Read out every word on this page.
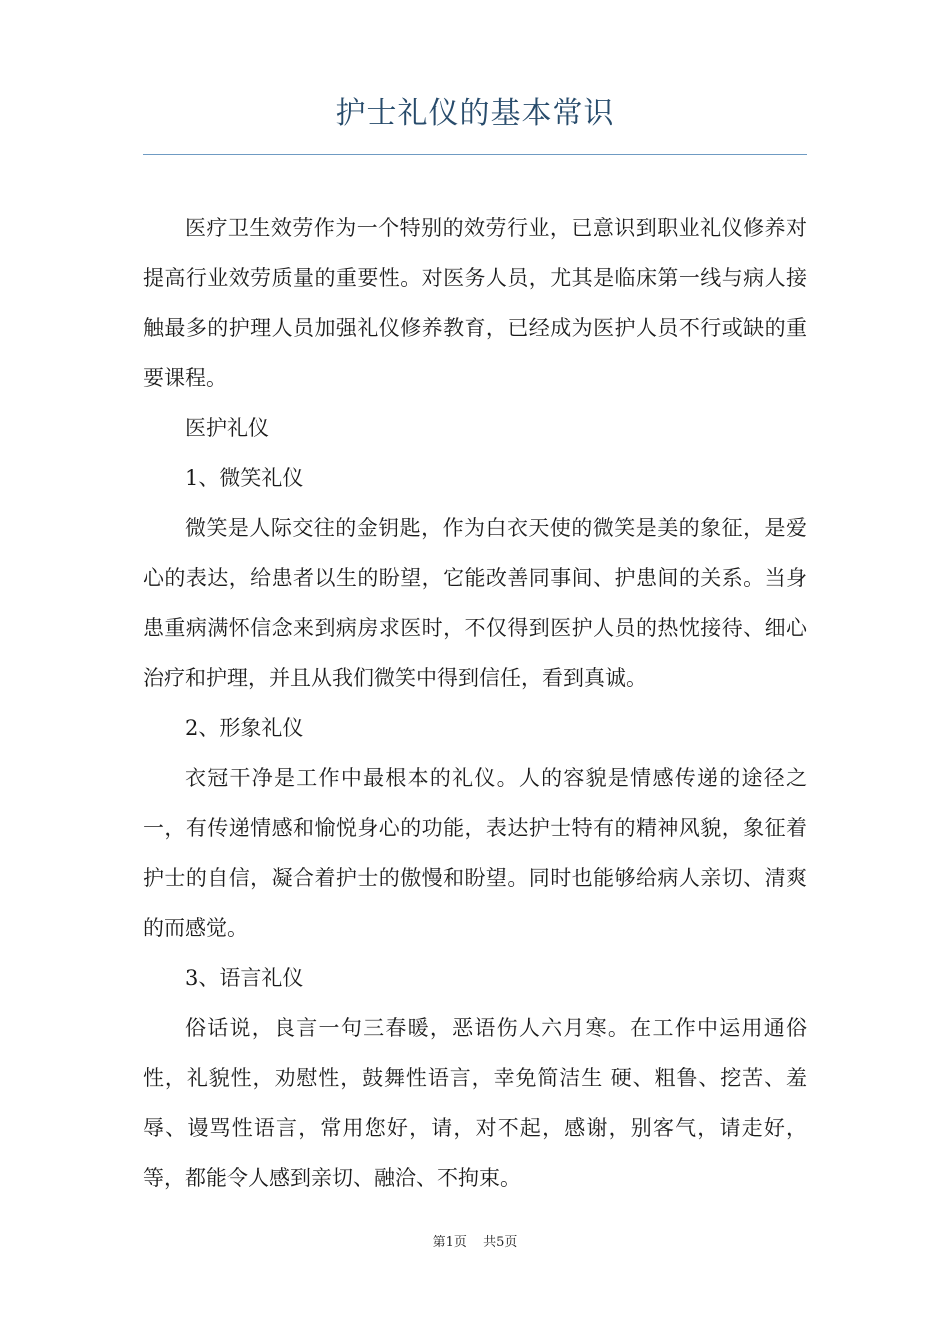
护士礼仪的基本常识

医疗卫生效劳作为一个特别的效劳行业，已意识到职业礼仪修养对提高行业效劳质量的重要性。对医务人员，尤其是临床第一线与病人接触最多的护理人员加强礼仪修养教育，已经成为医护人员不行或缺的重要课程。

医护礼仪

1、微笑礼仪

微笑是人际交往的金钥匙，作为白衣天使的微笑是美的象征，是爱心的表达，给患者以生的盼望，它能改善同事间、护患间的关系。当身患重病满怀信念来到病房求医时，不仅得到医护人员的热忱接待、细心治疗和护理，并且从我们微笑中得到信任，看到真诚。

2、形象礼仪

衣冠干净是工作中最根本的礼仪。人的容貌是情感传递的途径之一，有传递情感和愉悦身心的功能，表达护士特有的精神风貌，象征着护士的自信，凝合着护士的傲慢和盼望。同时也能够给病人亲切、清爽的而感觉。

3、语言礼仪

俗话说，良言一句三春暖，恶语伤人六月寒。在工作中运用通俗性，礼貌性，劝慰性，鼓舞性语言，幸免简洁生 硬、粗鲁、挖苦、羞辱、谩骂性语言，常用您好，请，对不起，感谢，别客气，请走好，等，都能令人感到亲切、融洽、不拘束。

第1页 共5页
